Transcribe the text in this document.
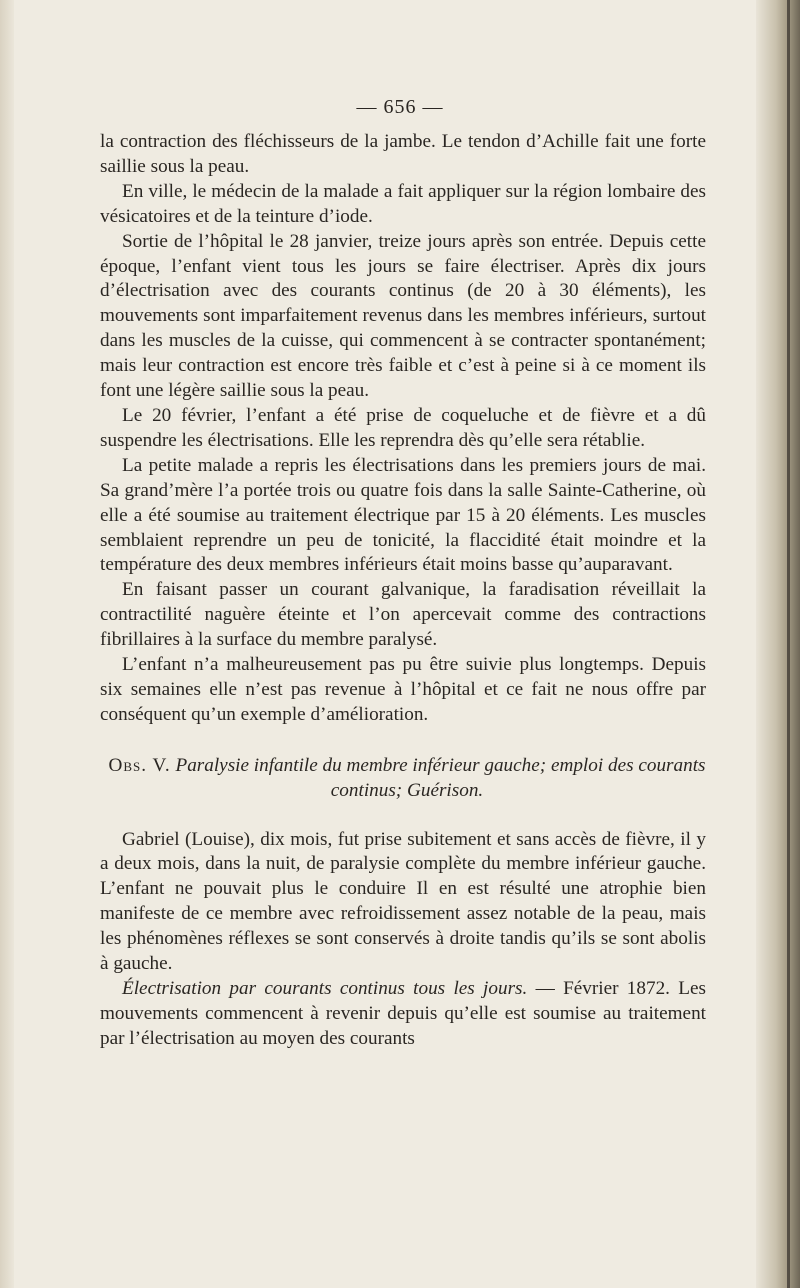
— 656 —

la contraction des fléchisseurs de la jambe. Le tendon d’Achille fait une forte saillie sous la peau.

En ville, le médecin de la malade a fait appliquer sur la région lombaire des vésicatoires et de la teinture d’iode.

Sortie de l’hôpital le 28 janvier, treize jours après son entrée. Depuis cette époque, l’enfant vient tous les jours se faire électriser. Après dix jours d’électrisation avec des courants continus (de 20 à 30 éléments), les mouvements sont imparfaitement revenus dans les membres inférieurs, surtout dans les muscles de la cuisse, qui commencent à se contracter spontanément; mais leur contraction est encore très faible et c’est à peine si à ce moment ils font une légère saillie sous la peau.

Le 20 février, l’enfant a été prise de coqueluche et de fièvre et a dû suspendre les électrisations. Elle les reprendra dès qu’elle sera rétablie.

La petite malade a repris les électrisations dans les premiers jours de mai. Sa grand’mère l’a portée trois ou quatre fois dans la salle Sainte-Catherine, où elle a été soumise au traitement électrique par 15 à 20 éléments. Les muscles semblaient reprendre un peu de tonicité, la flaccidité était moindre et la température des deux membres inférieurs était moins basse qu’auparavant.

En faisant passer un courant galvanique, la faradisation réveillait la contractilité naguère éteinte et l’on apercevait comme des contractions fibrillaires à la surface du membre paralysé.

L’enfant n’a malheureusement pas pu être suivie plus longtemps. Depuis six semaines elle n’est pas revenue à l’hôpital et ce fait ne nous offre par conséquent qu’un exemple d’amélioration.

Obs. V. Paralysie infantile du membre inférieur gauche; emploi des courants continus; Guérison.

Gabriel (Louise), dix mois, fut prise subitement et sans accès de fièvre, il y a deux mois, dans la nuit, de paralysie complète du membre inférieur gauche. L’enfant ne pouvait plus le conduire Il en est résulté une atrophie bien manifeste de ce membre avec refroidissement assez notable de la peau, mais les phénomènes réflexes se sont conservés à droite tandis qu’ils se sont abolis à gauche.

Électrisation par courants continus tous les jours. — Février 1872. Les mouvements commencent à revenir depuis qu’elle est soumise au traitement par l’électrisation au moyen des courants
